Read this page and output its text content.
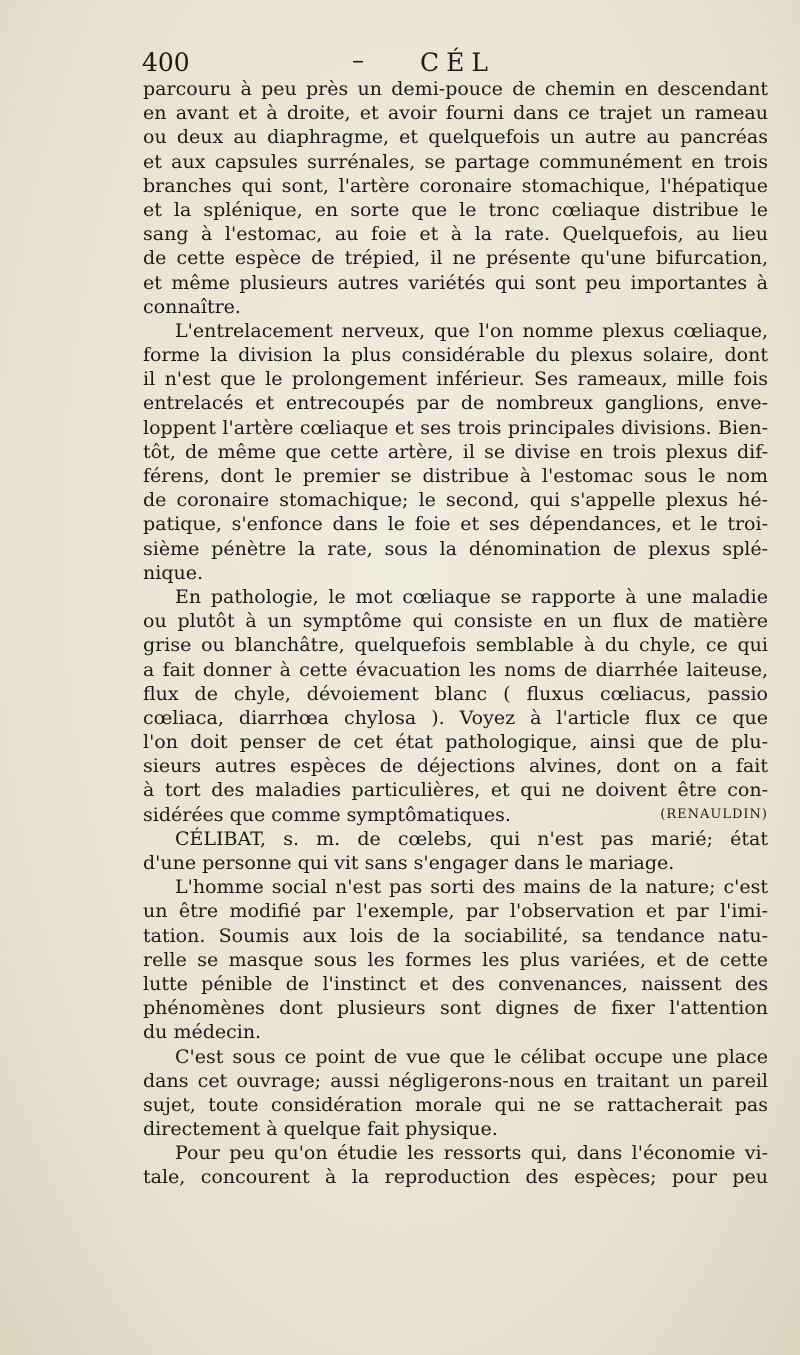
400	– CÉL
parcouru à peu près un demi-pouce de chemin en descendant
en avant et à droite, et avoir fourni dans ce trajet un rameau
ou deux au diaphragme, et quelquefois un autre au pancréas
et aux capsules surrénales, se partage communément en trois
branches qui sont, l'artère coronaire stomachique, l'hépatique
et la splénique, en sorte que le tronc cœliaque distribue le
sang à l'estomac, au foie et à la rate. Quelquefois, au lieu
de cette espèce de trépied, il ne présente qu'une bifurcation,
et même plusieurs autres variétés qui sont peu importantes à
connaître.
L'entrelacement nerveux, que l'on nomme plexus cœliaque,
forme la division la plus considérable du plexus solaire, dont
il n'est que le prolongement inférieur. Ses rameaux, mille fois
entrelacés et entrecoupés par de nombreux ganglions, enve-
loppent l'artère cœliaque et ses trois principales divisions. Bien-
tôt, de même que cette artère, il se divise en trois plexus dif-
férens, dont le premier se distribue à l'estomac sous le nom
de coronaire stomachique; le second, qui s'appelle plexus hé-
patique, s'enfonce dans le foie et ses dépendances, et le troi-
sième pénètre la rate, sous la dénomination de plexus splé-
nique.
En pathologie, le mot cœliaque se rapporte à une maladie
ou plutôt à un symptôme qui consiste en un flux de matière
grise ou blanchâtre, quelquefois semblable à du chyle, ce qui
a fait donner à cette évacuation les noms de diarrhée laiteuse,
flux de chyle, dévoiement blanc ( fluxus cœliacus, passio
cœliaca, diarrhœa chylosa ). Voyez à l'article flux ce que
l'on doit penser de cet état pathologique, ainsi que de plu-
sieurs autres espèces de déjections alvines, dont on a fait
à tort des maladies particulières, et qui ne doivent être con-
sidérées que comme symptômatiques.	(RENAULDIN)
CÉLIBAT, s. m. de cœlebs, qui n'est pas marié; état
d'une personne qui vit sans s'engager dans le mariage.
L'homme social n'est pas sorti des mains de la nature; c'est
un être modifié par l'exemple, par l'observation et par l'imi-
tation. Soumis aux lois de la sociabilité, sa tendance natu-
relle se masque sous les formes les plus variées, et de cette
lutte pénible de l'instinct et des convenances, naissent des
phénomènes dont plusieurs sont dignes de fixer l'attention
du médecin.
C'est sous ce point de vue que le célibat occupe une place
dans cet ouvrage; aussi négligerons-nous en traitant un pareil
sujet, toute considération morale qui ne se rattacherait pas
directement à quelque fait physique.
Pour peu qu'on étudie les ressorts qui, dans l'économie vi-
tale, concourent à la reproduction des espèces; pour peu
